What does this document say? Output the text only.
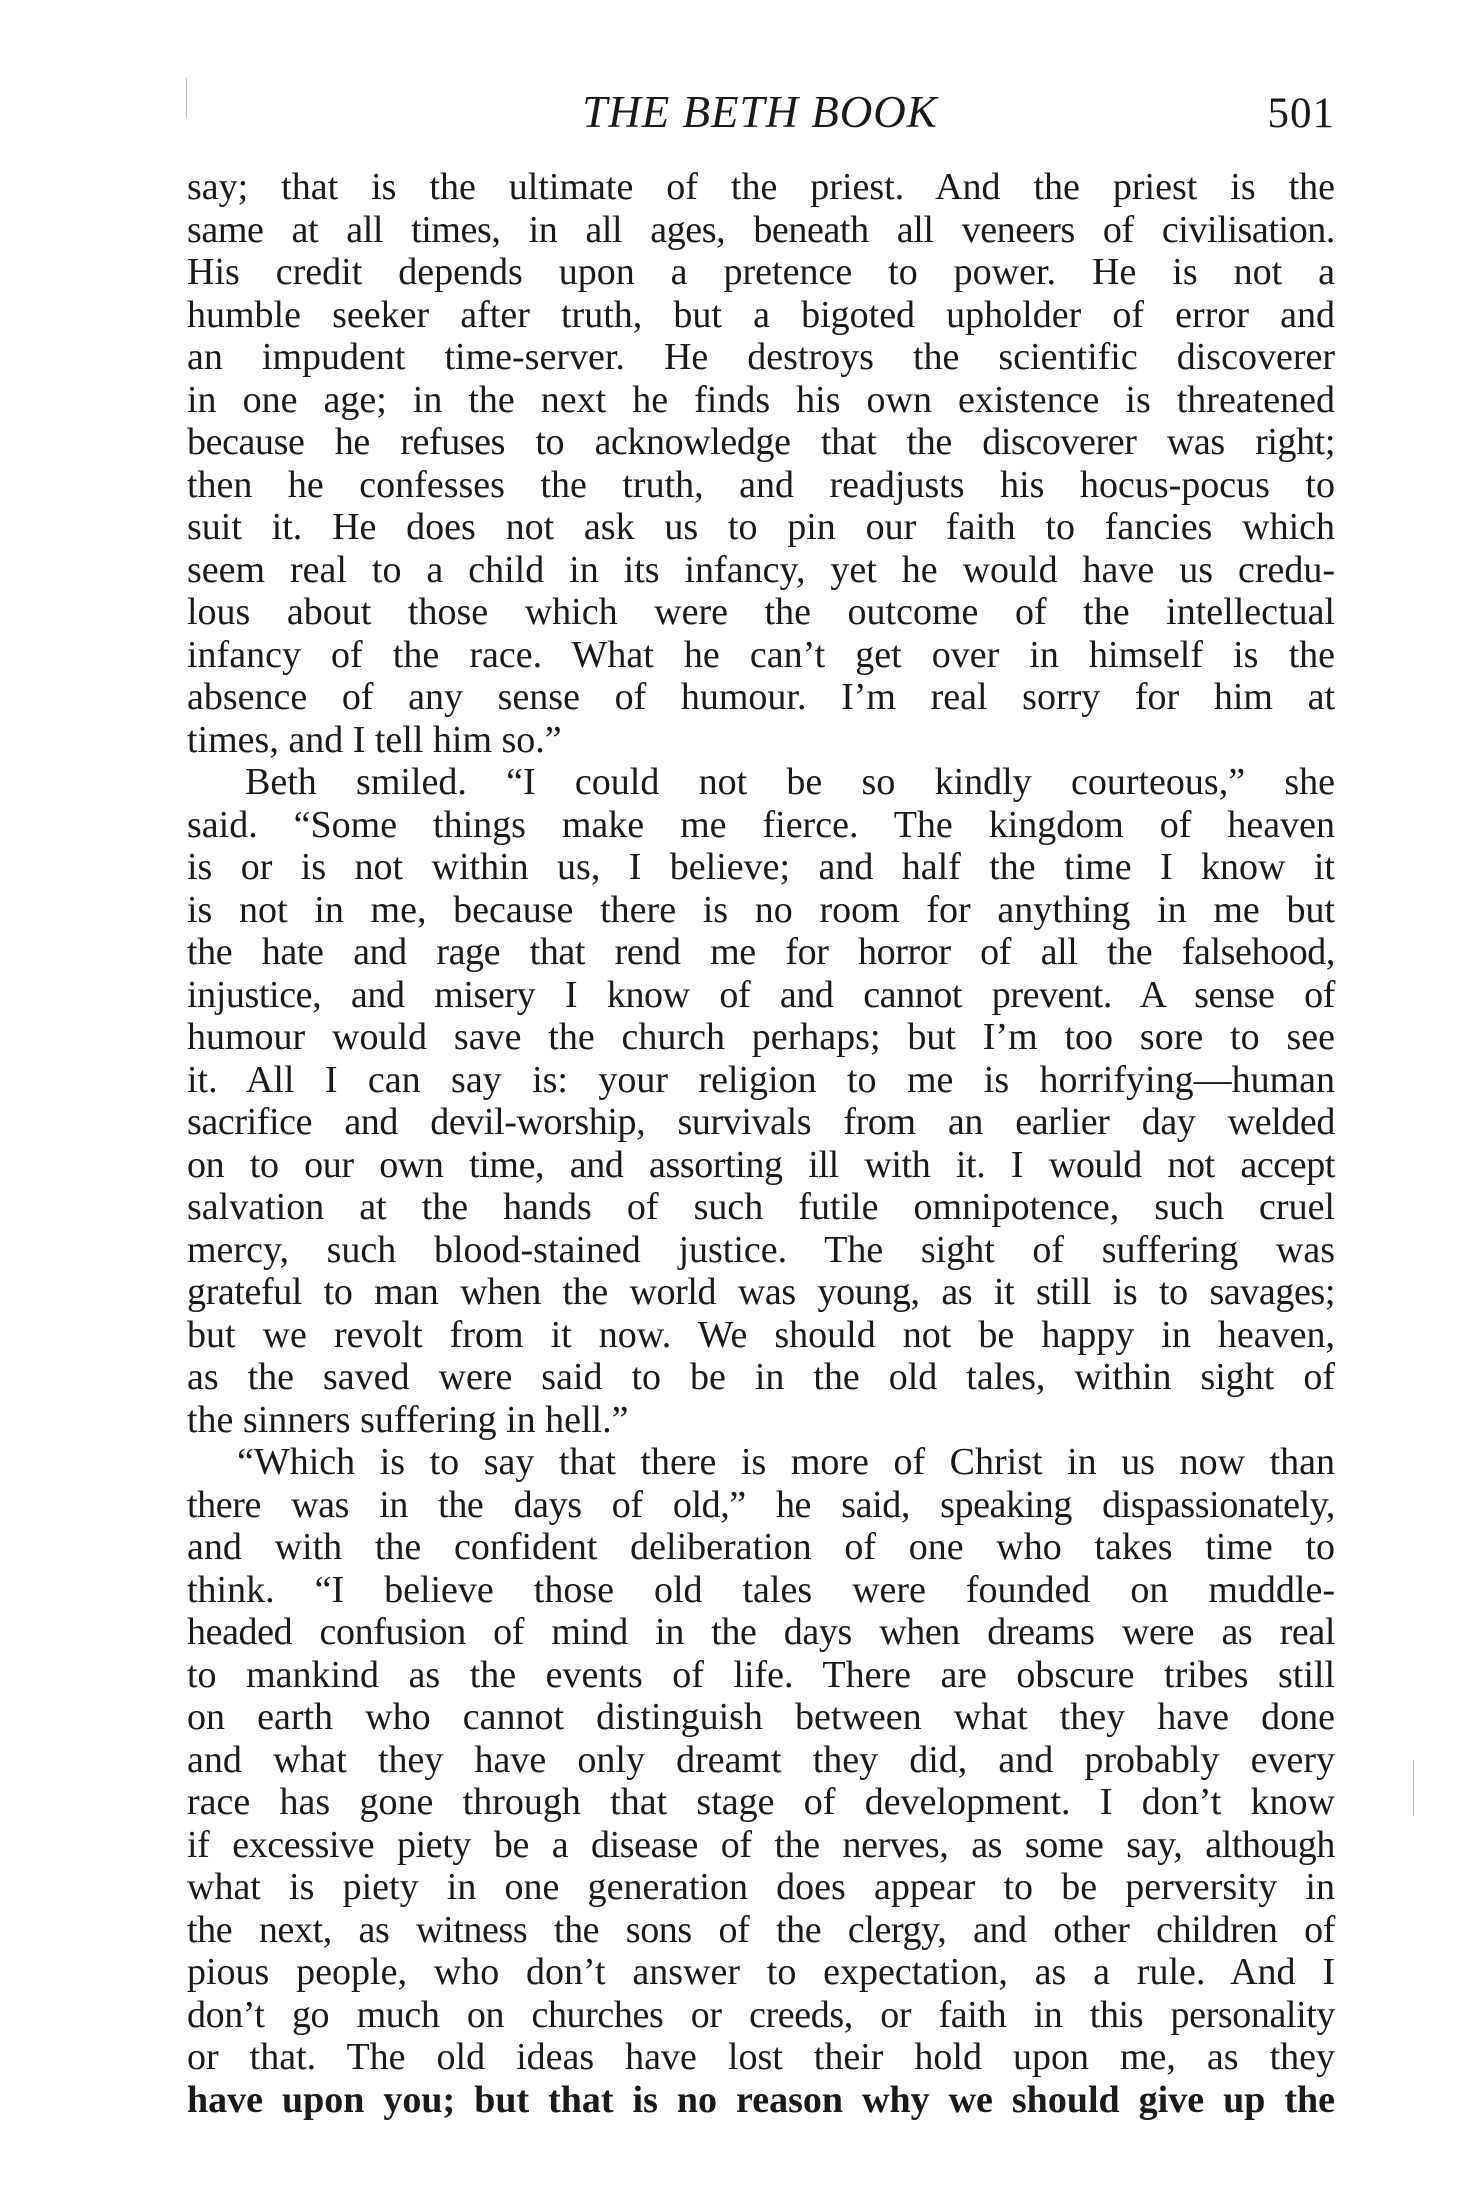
THE BETH BOOK	501
say; that is the ultimate of the priest. And the priest is the
same at all times, in all ages, beneath all veneers of civilisation.
His credit depends upon a pretence to power. He is not a
humble seeker after truth, but a bigoted upholder of error and
an impudent time-server. He destroys the scientific discoverer
in one age; in the next he finds his own existence is threatened
because he refuses to acknowledge that the discoverer was right;
then he confesses the truth, and readjusts his hocus-pocus to
suit it. He does not ask us to pin our faith to fancies which
seem real to a child in its infancy, yet he would have us credu-
lous about those which were the outcome of the intellectual
infancy of the race. What he can’t get over in himself is the
absence of any sense of humour. I’m real sorry for him at
times, and I tell him so.”
Beth smiled. “I could not be so kindly courteous,” she
said. “Some things make me fierce. The kingdom of heaven
is or is not within us, I believe; and half the time I know it
is not in me, because there is no room for anything in me but
the hate and rage that rend me for horror of all the falsehood,
injustice, and misery I know of and cannot prevent. A sense of
humour would save the church perhaps; but I’m too sore to see
it. All I can say is: your religion to me is horrifying—human
sacrifice and devil-worship, survivals from an earlier day welded
on to our own time, and assorting ill with it. I would not accept
salvation at the hands of such futile omnipotence, such cruel
mercy, such blood-stained justice. The sight of suffering was
grateful to man when the world was young, as it still is to savages;
but we revolt from it now. We should not be happy in heaven,
as the saved were said to be in the old tales, within sight of
the sinners suffering in hell.”
“Which is to say that there is more of Christ in us now than
there was in the days of old,” he said, speaking dispassionately,
and with the confident deliberation of one who takes time to
think. “I believe those old tales were founded on muddle-
headed confusion of mind in the days when dreams were as real
to mankind as the events of life. There are obscure tribes still
on earth who cannot distinguish between what they have done
and what they have only dreamt they did, and probably every
race has gone through that stage of development. I don’t know
if excessive piety be a disease of the nerves, as some say, although
what is piety in one generation does appear to be perversity in
the next, as witness the sons of the clergy, and other children of
pious people, who don’t answer to expectation, as a rule. And I
don’t go much on churches or creeds, or faith in this personality
or that. The old ideas have lost their hold upon me, as they
have upon you; but that is no reason why we should give up the
